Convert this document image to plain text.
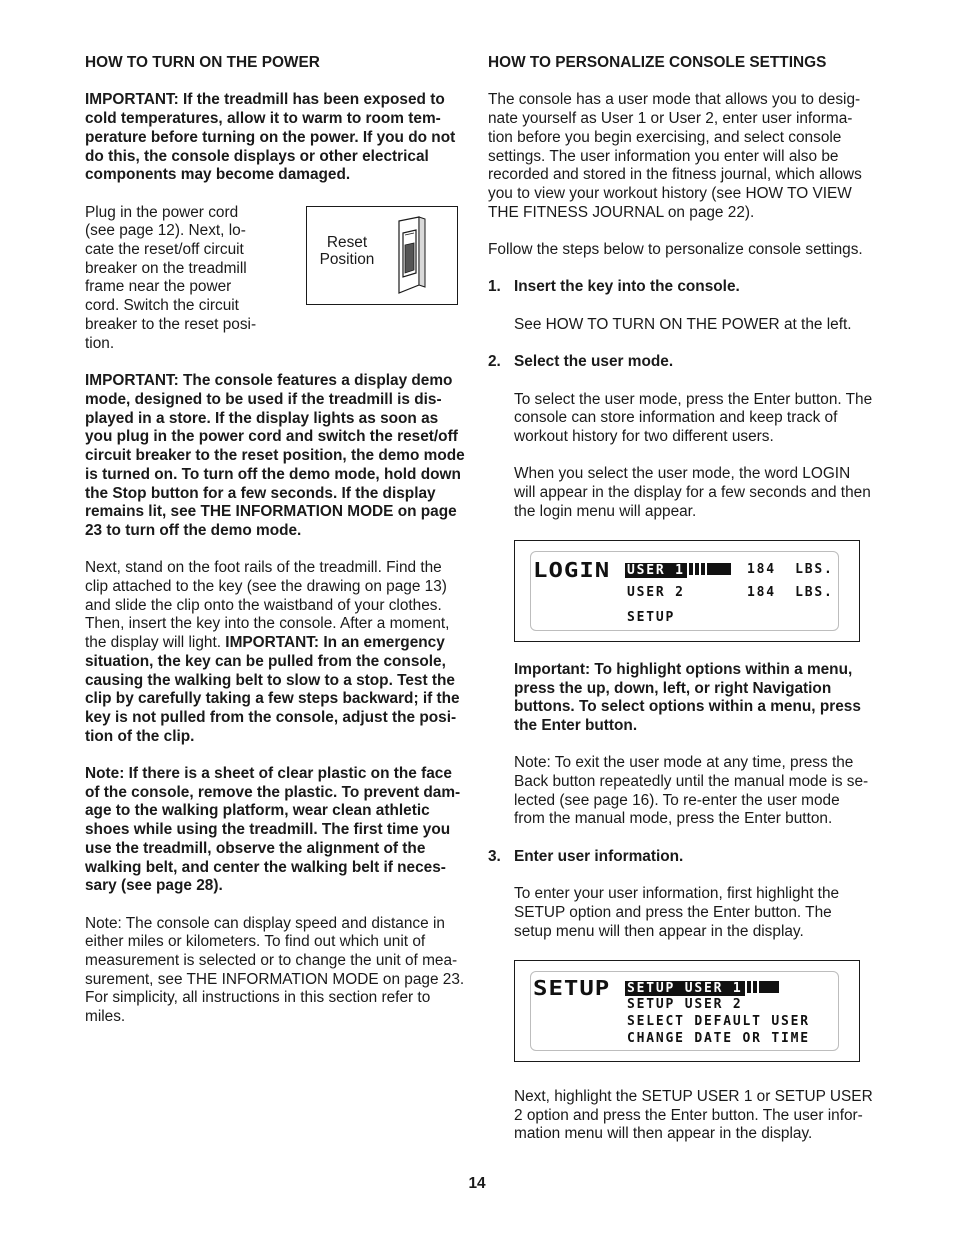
HOW TO TURN ON THE POWER

IMPORTANT: If the treadmill has been exposed to cold temperatures, allow it to warm to room tem-perature before turning on the power. If you do not do this, the console displays or other electrical components may become damaged.

Plug in the power cord (see page 12). Next, lo-cate the reset/off circuit breaker on the treadmill frame near the power cord. Switch the circuit breaker to the reset posi-tion.

Reset
Position

IMPORTANT: The console features a display demo mode, designed to be used if the treadmill is dis-played in a store. If the display lights as soon as you plug in the power cord and switch the reset/off circuit breaker to the reset position, the demo mode is turned on. To turn off the demo mode, hold down the Stop button for a few seconds. If the display remains lit, see THE INFORMATION MODE on page 23 to turn off the demo mode.

Next, stand on the foot rails of the treadmill. Find the clip attached to the key (see the drawing on page 13) and slide the clip onto the waistband of your clothes. Then, insert the key into the console. After a moment, the display will light. IMPORTANT: In an emergency situation, the key can be pulled from the console, causing the walking belt to slow to a stop. Test the clip by carefully taking a few steps backward; if the key is not pulled from the console, adjust the posi-tion of the clip.

Note: If there is a sheet of clear plastic on the face of the console, remove the plastic. To prevent dam-age to the walking platform, wear clean athletic shoes while using the treadmill. The first time you use the treadmill, observe the alignment of the walking belt, and center the walking belt if neces-sary (see page 28).

Note: The console can display speed and distance in either miles or kilometers. To find out which unit of measurement is selected or to change the unit of mea-surement, see THE INFORMATION MODE on page 23. For simplicity, all instructions in this section refer to miles.

HOW TO PERSONALIZE CONSOLE SETTINGS

The console has a user mode that allows you to desig-nate yourself as User 1 or User 2, enter user informa-tion before you begin exercising, and select console settings. The user information you enter will also be recorded and stored in the fitness journal, which allows you to view your workout history (see HOW TO VIEW THE FITNESS JOURNAL on page 22).

Follow the steps below to personalize console settings.

1. Insert the key into the console.

See HOW TO TURN ON THE POWER at the left.

2. Select the user mode.

To select the user mode, press the Enter button. The console can store information and keep track of workout history for two different users.

When you select the user mode, the word LOGIN will appear in the display for a few seconds and then the login menu will appear.

LOGIN USER 1	184  LBS.
USER 2	184  LBS.
SETUP

Important: To highlight options within a menu, press the up, down, left, or right Navigation buttons. To select options within a menu, press the Enter button.

Note: To exit the user mode at any time, press the Back button repeatedly until the manual mode is se-lected (see page 16). To re-enter the user mode from the manual mode, press the Enter button.

3. Enter user information.

To enter your user information, first highlight the SETUP option and press the Enter button. The setup menu will then appear in the display.

SETUP SETUP USER 1
SETUP USER 2
SELECT DEFAULT USER
CHANGE DATE OR TIME

Next, highlight the SETUP USER 1 or SETUP USER 2 option and press the Enter button. The user infor-mation menu will then appear in the display.

14
